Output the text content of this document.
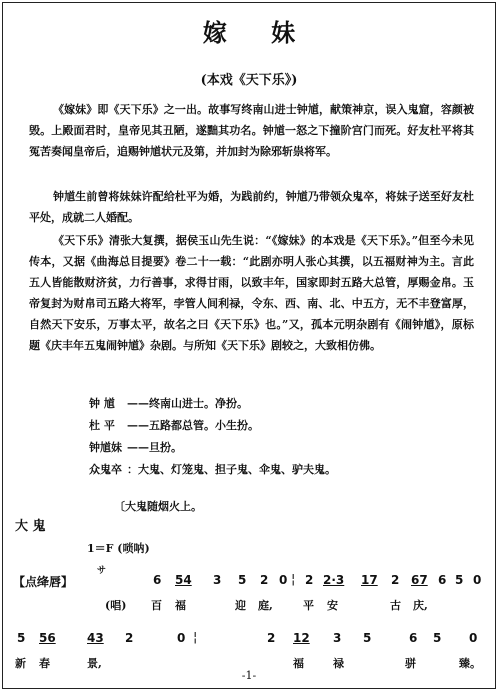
嫁 妹
(本戏《天下乐》)
《嫁妹》即《天下乐》之一出。故事写终南山进士钟馗，献策神京，误入鬼窟，容颜被毁。上殿面君时，皇帝见其丑陋，遂黜其功名。钟馗一怒之下撞阶宫门而死。好友杜平将其冤苦奏闻皇帝后，追赐钟馗状元及第，并加封为除邪斩祟将军。
钟馗生前曾将妹妹许配给杜平为婚，为践前约，钟馗乃带领众鬼卒，将妹子送至好友杜平处，成就二人婚配。
《天下乐》清张大复撰，据侯玉山先生说：“《嫁妹》的本戏是《天下乐》。”但至今未见传本，又据《曲海总目提要》卷二十一载：“此剧亦明人张心其撰，以五福财神为主。言此五人皆能散财济贫，力行善事，求得甘雨，以致丰年，国家即封五路大总管，厚赐金帛。玉帝复封为财帛司五路大将军，孛管人间利禄，令东、西、南、北、中五方，无不丰登富厚，自然天下安乐，万事太平，故名之曰《天下乐》也。”又，孤本元明杂剧有《闹钟馗》，原标题《庆丰年五鬼闹钟馗》杂剧。与所知《天下乐》剧较之，大致相仿佛。
钟 馗 ——终南山进士。净扮。
杜 平 ——五路都总管。小生扮。
钟馗妹 ——旦扮。
众鬼卒 ：大鬼、灯笼鬼、担子鬼、伞鬼、驴夫鬼。
〔大鬼随烟火上。
大 鬼
1＝F (唢呐)
【点绛唇】
サ
6 54 3 5 2 0 ¦ 2 2·3 17 2 67 6 5 0
(唱) 百 福	迎 庭,	平 安	古 庆,
5 56	43 2	0 ¦	2 12 3 5	6 5 0
新 春	景,	福	禄	骈	臻。
-1-
